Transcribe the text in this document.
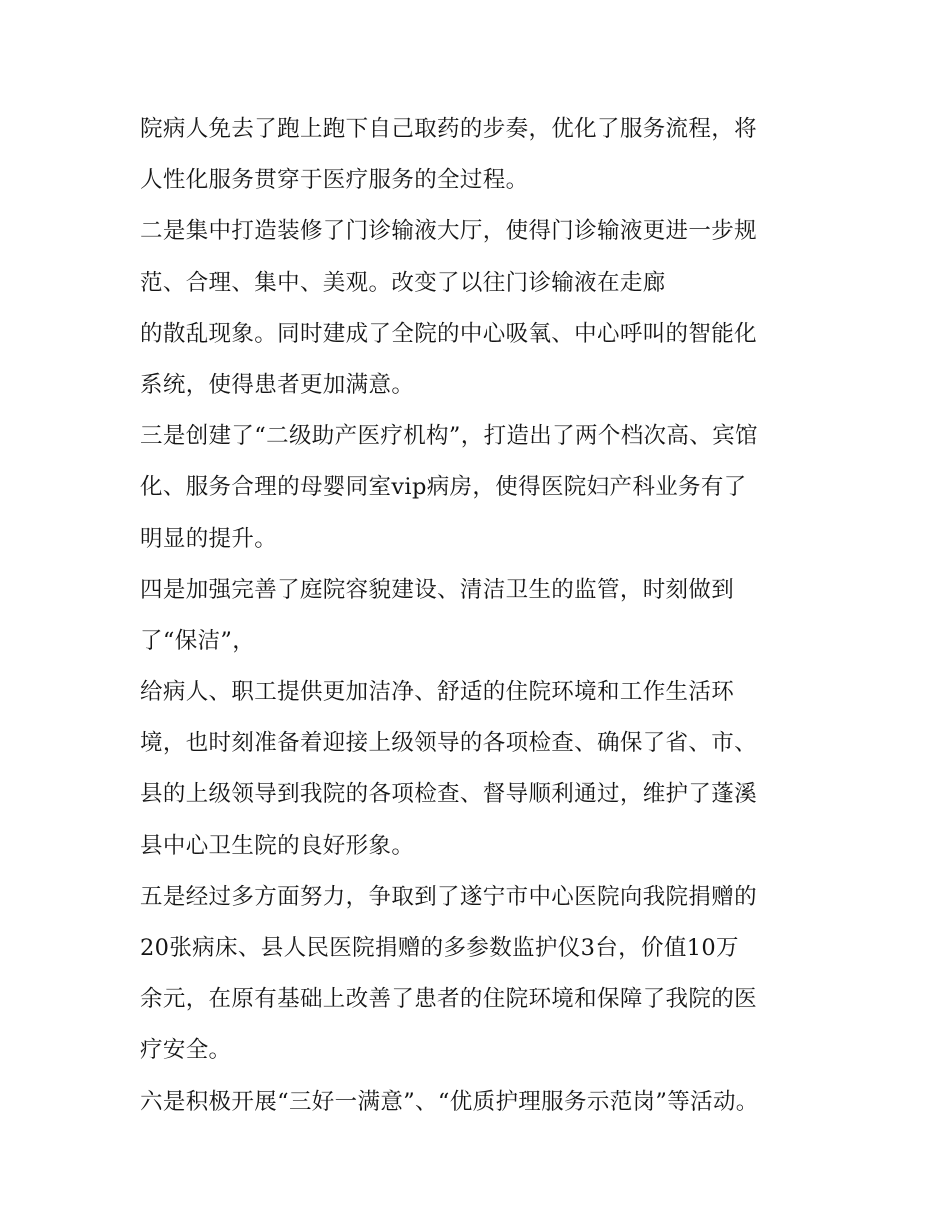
院病人免去了跑上跑下自己取药的步奏，优化了服务流程，将
人性化服务贯穿于医疗服务的全过程。
二是集中打造装修了门诊输液大厅，使得门诊输液更进一步规
范、合理、集中、美观。改变了以往门诊输液在走廊
的散乱现象。同时建成了全院的中心吸氧、中心呼叫的智能化
系统，使得患者更加满意。
三是创建了“二级助产医疗机构”，打造出了两个档次高、宾馆
化、服务合理的母婴同室vip病房，使得医院妇产科业务有了
明显的提升。
四是加强完善了庭院容貌建设、清洁卫生的监管，时刻做到
了“保洁”，
给病人、职工提供更加洁净、舒适的住院环境和工作生活环
境，也时刻准备着迎接上级领导的各项检查、确保了省、市、
县的上级领导到我院的各项检查、督导顺利通过，维护了蓬溪
县中心卫生院的良好形象。
五是经过多方面努力，争取到了遂宁市中心医院向我院捐赠的
20张病床、县人民医院捐赠的多参数监护仪3台，价值10万
余元，在原有基础上改善了患者的住院环境和保障了我院的医
疗安全。
六是积极开展“三好一满意”、“优质护理服务示范岗”等活动。
